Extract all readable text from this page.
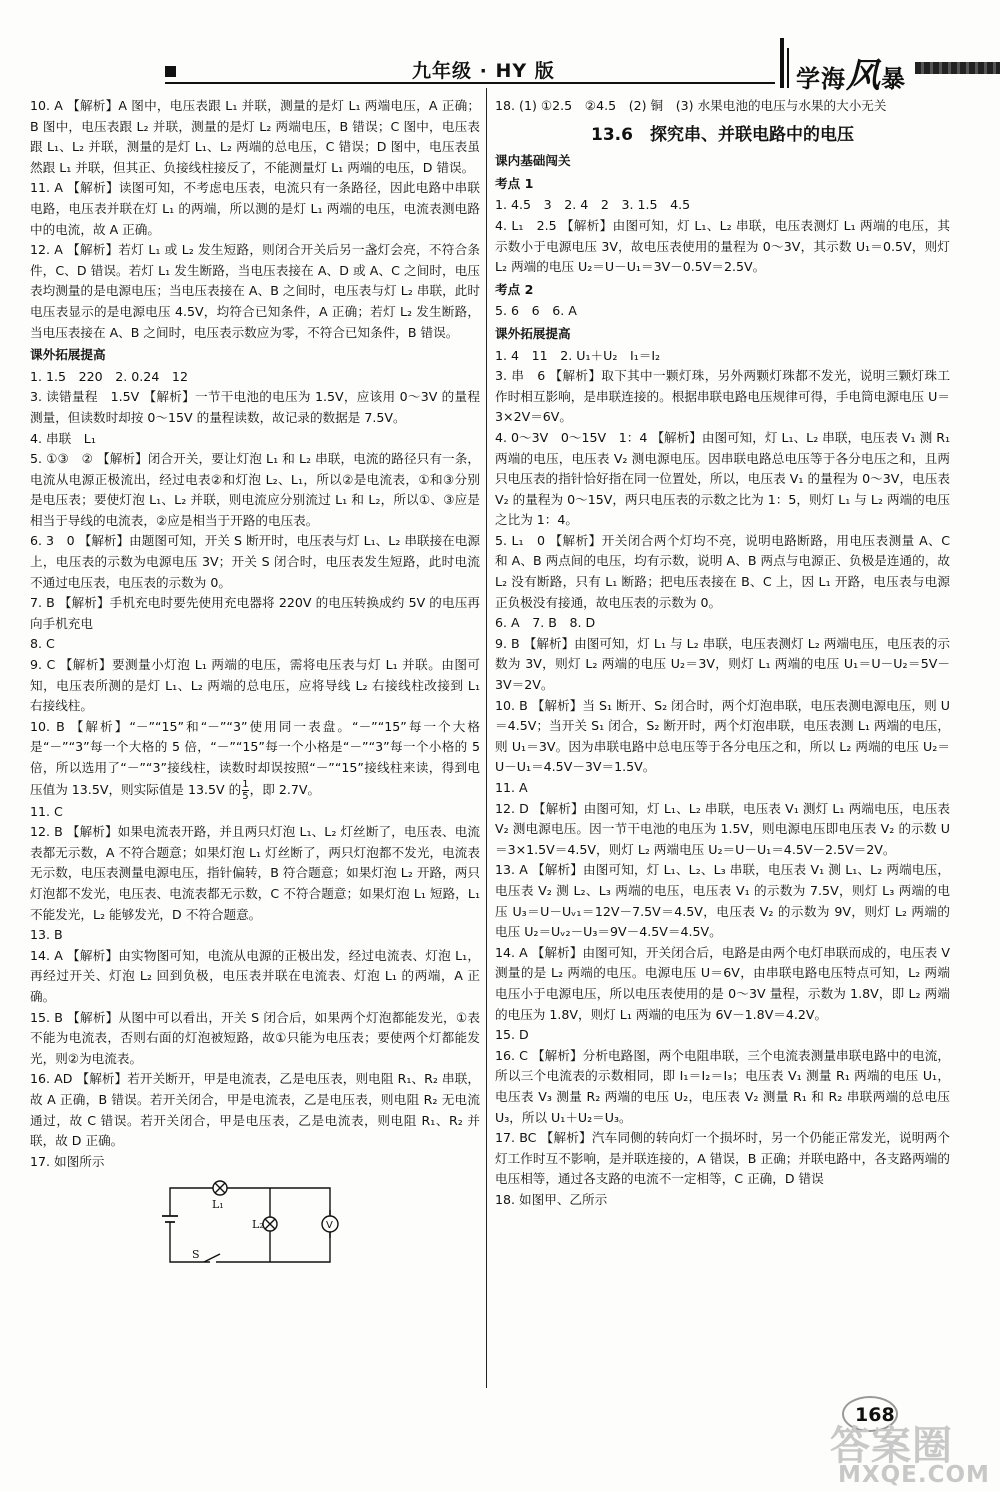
九年级 · HY 版	学海风暴

10. A 【解析】A 图中，电压表跟 L₁ 并联，测量的是灯 L₁ 两端电压，A 正确；B 图中，电压表跟 L₂ 并联，测量的是灯 L₂ 两端电压，B 错误；C 图中，电压表跟 L₁、L₂ 并联，测量的是灯 L₁、L₂ 两端的总电压，C 错误；D 图中，电压表虽然跟 L₁ 并联，但其正、负接线柱接反了，不能测量灯 L₁ 两端的电压，D 错误。

11. A 【解析】读图可知，不考虑电压表，电流只有一条路径，因此电路中串联电路，电压表并联在灯 L₁ 的两端，所以测的是灯 L₁ 两端的电压，电流表测电路中的电流，故 A 正确。

12. A 【解析】若灯 L₁ 或 L₂ 发生短路，则闭合开关后另一盏灯会亮，不符合条件，C、D 错误。若灯 L₁ 发生断路，当电压表接在 A、D 或 A、C 之间时，电压表均测量的是电源电压；当电压表接在 A、B 之间时，电压表与灯 L₂ 串联，此时电压表显示的是电源电压 4.5V，均符合已知条件，A 正确；若灯 L₂ 发生断路，当电压表接在 A、B 之间时，电压表示数应为零，不符合已知条件，B 错误。

课外拓展提高

1. 1.5　220　2. 0.24　12

3. 读错量程　1.5V 【解析】一节干电池的电压为 1.5V，应该用 0～3V 的量程测量，但读数时却按 0～15V 的量程读数，故记录的数据是 7.5V。

4. 串联　L₁

5. ①③　② 【解析】闭合开关，要让灯泡 L₁ 和 L₂ 串联，电流的路径只有一条，电流从电源正极流出，经过电表②和灯泡 L₂、L₁，所以②是电流表，①和③分别是电压表；要使灯泡 L₁、L₂ 并联，则电流应分别流过 L₁ 和 L₂，所以①、③应是相当于导线的电流表，②应是相当于开路的电压表。

6. 3　0 【解析】由题图可知，开关 S 断开时，电压表与灯 L₁、L₂ 串联接在电源上，电压表的示数为电源电压 3V；开关 S 闭合时，电压表发生短路，此时电流不通过电压表，电压表的示数为 0。

7. B 【解析】手机充电时要先使用充电器将 220V 的电压转换成约 5V 的电压再向手机充电

8. C

9. C 【解析】要测量小灯泡 L₁ 两端的电压，需将电压表与灯 L₁ 并联。由图可知，电压表所测的是灯 L₁、L₂ 两端的总电压，应将导线 L₂ 右接线柱改接到 L₁ 右接线柱。

10. B 【解析】“－”“15”和“－”“3”使用同一表盘。“－”“15”每一个大格是“－”“3”每一个大格的 5 倍，“－”“15”每一个小格是“－”“3”每一个小格的 5 倍，所以选用了“－”“3”接线柱，读数时却误按照“－”“15”接线柱来读，得到电压值为 13.5V，则实际值是 13.5V 的 $\frac{1}{5}$ ，即 2.7V。

11. C

12. B 【解析】如果电流表开路，并且两只灯泡 L₁、L₂ 灯丝断了，电压表、电流表都无示数，A 不符合题意；如果灯泡 L₁ 灯丝断了，两只灯泡都不发光，电流表无示数，电压表测量电源电压，指针偏转，B 符合题意；如果灯泡 L₂ 开路，两只灯泡都不发光，电压表、电流表都无示数，C 不符合题意；如果灯泡 L₁ 短路，L₁ 不能发光，L₂ 能够发光，D 不符合题意。

13. B

14. A 【解析】由实物图可知，电流从电源的正极出发，经过电流表、灯泡 L₁，再经过开关、灯泡 L₂ 回到负极，电压表并联在电流表、灯泡 L₁ 的两端，A 正确。

15. B 【解析】从图中可以看出，开关 S 闭合后，如果两个灯泡都能发光，①表不能为电流表，否则右面的灯泡被短路，故①只能为电压表；要使两个灯都能发光，则②为电流表。

16. AD 【解析】若开关断开，甲是电流表，乙是电压表，则电阻 R₁、R₂ 串联，故 A 正确，B 错误。若开关闭合，甲是电流表，乙是电压表，则电阻 R₂ 无电流通过，故 C 错误。若开关闭合，甲是电压表，乙是电流表，则电阻 R₁、R₂ 并联，故 D 正确。

17. 如图所示

L₁
L₂	V
S

18. (1) ①2.5　②4.5　(2) 铜　(3) 水果电池的电压与水果的大小无关

13.6　探究串、并联电路中的电压

课内基础闯关

考点 1

1. 4.5　3　2. 4　2　3. 1.5　4.5

4. L₁　2.5 【解析】由图可知，灯 L₁、L₂ 串联，电压表测灯 L₁ 两端的电压，其示数小于电源电压 3V，故电压表使用的量程为 0～3V，其示数 U₁＝0.5V，则灯 L₂ 两端的电压 U₂＝U－U₁＝3V－0.5V＝2.5V。

考点 2

5. 6　6　6. A

课外拓展提高

1. 4　11　2. U₁＋U₂　I₁＝I₂

3. 串　6 【解析】取下其中一颗灯珠，另外两颗灯珠都不发光，说明三颗灯珠工作时相互影响，是串联连接的。根据串联电路电压规律可得，手电筒电源电压 U＝3×2V＝6V。

4. 0～3V　0～15V　1：4 【解析】由图可知，灯 L₁、L₂ 串联，电压表 V₁ 测 R₁ 两端的电压，电压表 V₂ 测电源电压。因串联电路总电压等于各分电压之和，且两只电压表的指针恰好指在同一位置处，所以，电压表 V₁ 的量程为 0～3V，电压表 V₂ 的量程为 0～15V，两只电压表的示数之比为 1：5，则灯 L₁ 与 L₂ 两端的电压之比为 1：4。

5. L₁　0 【解析】开关闭合两个灯均不亮，说明电路断路，用电压表测量 A、C 和 A、B 两点间的电压，均有示数，说明 A、B 两点与电源正、负极是连通的，故 L₂ 没有断路，只有 L₁ 断路；把电压表接在 B、C 上，因 L₁ 开路，电压表与电源正负极没有接通，故电压表的示数为 0。

6. A　7. B　8. D

9. B 【解析】由图可知，灯 L₁ 与 L₂ 串联，电压表测灯 L₂ 两端电压，电压表的示数为 3V，则灯 L₂ 两端的电压 U₂＝3V，则灯 L₁ 两端的电压 U₁＝U－U₂＝5V－3V＝2V。

10. B 【解析】当 S₁ 断开、S₂ 闭合时，两个灯泡串联，电压表测电源电压，则 U＝4.5V；当开关 S₁ 闭合，S₂ 断开时，两个灯泡串联，电压表测 L₁ 两端的电压，则 U₁＝3V。因为串联电路中总电压等于各分电压之和，所以 L₂ 两端的电压 U₂＝U－U₁＝4.5V－3V＝1.5V。

11. A

12. D 【解析】由图可知，灯 L₁、L₂ 串联，电压表 V₁ 测灯 L₁ 两端电压，电压表 V₂ 测电源电压。因一节干电池的电压为 1.5V，则电源电压即电压表 V₂ 的示数 U＝3×1.5V＝4.5V，则灯 L₂ 两端电压 U₂＝U－U₁＝4.5V－2.5V＝2V。

13. A 【解析】由图可知，灯 L₁、L₂、L₃ 串联，电压表 V₁ 测 L₁、L₂ 两端电压，电压表 V₂ 测 L₂、L₃ 两端的电压，电压表 V₁ 的示数为 7.5V，则灯 L₃ 两端的电压 U₃＝U－Uᵥ₁＝12V－7.5V＝4.5V，电压表 V₂ 的示数为 9V，则灯 L₂ 两端的电压 U₂＝Uᵥ₂－U₃＝9V－4.5V＝4.5V。

14. A 【解析】由图可知，开关闭合后，电路是由两个电灯串联而成的，电压表 V 测量的是 L₂ 两端的电压。电源电压 U＝6V，由串联电路电压特点可知，L₂ 两端电压小于电源电压，所以电压表使用的是 0～3V 量程，示数为 1.8V，即 L₂ 两端的电压为 1.8V，则灯 L₁ 两端的电压为 6V－1.8V＝4.2V。

15. D

16. C 【解析】分析电路图，两个电阻串联，三个电流表测量串联电路中的电流，所以三个电流表的示数相同，即 I₁＝I₂＝I₃；电压表 V₁ 测量 R₁ 两端的电压 U₁，电压表 V₃ 测量 R₂ 两端的电压 U₂，电压表 V₂ 测量 R₁ 和 R₂ 串联两端的总电压 U₃，所以 U₁＋U₂＝U₃。

17. BC 【解析】汽车同侧的转向灯一个损坏时，另一个仍能正常发光，说明两个灯工作时互不影响，是并联连接的，A 错误，B 正确；并联电路中，各支路两端的电压相等，通过各支路的电流不一定相等，C 正确，D 错误

18. 如图甲、乙所示

168
答案圈
MXQE.COM
